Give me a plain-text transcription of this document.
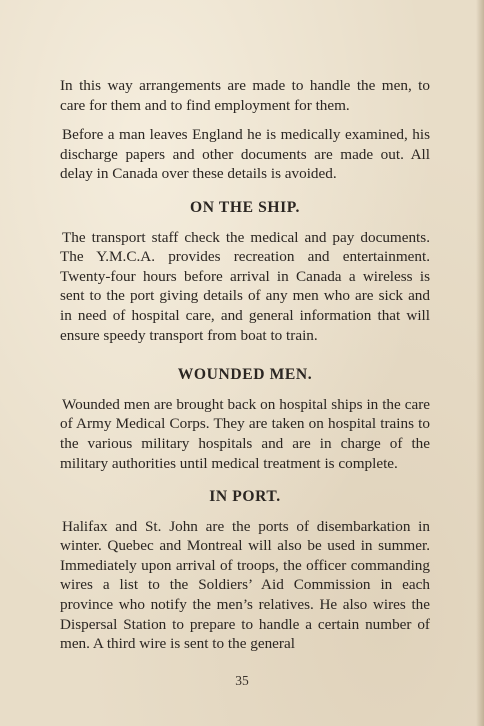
In this way arrangements are made to handle the men, to care for them and to find employment for them.

Before a man leaves England he is medically examined, his discharge papers and other documents are made out. All delay in Canada over these details is avoided.

ON THE SHIP.

The transport staff check the medical and pay documents. The Y.M.C.A. provides recreation and entertainment. Twenty-four hours before arrival in Canada a wireless is sent to the port giving details of any men who are sick and in need of hospital care, and general information that will ensure speedy transport from boat to train.

WOUNDED MEN.

Wounded men are brought back on hospital ships in the care of Army Medical Corps. They are taken on hospital trains to the various military hospitals and are in charge of the military authorities until medical treatment is complete.

IN PORT.

Halifax and St. John are the ports of disembarkation in winter. Quebec and Montreal will also be used in summer. Immediately upon arrival of troops, the officer commanding wires a list to the Soldiers’ Aid Commission in each province who notify the men’s relatives. He also wires the Dispersal Station to prepare to handle a certain number of men. A third wire is sent to the general

35
